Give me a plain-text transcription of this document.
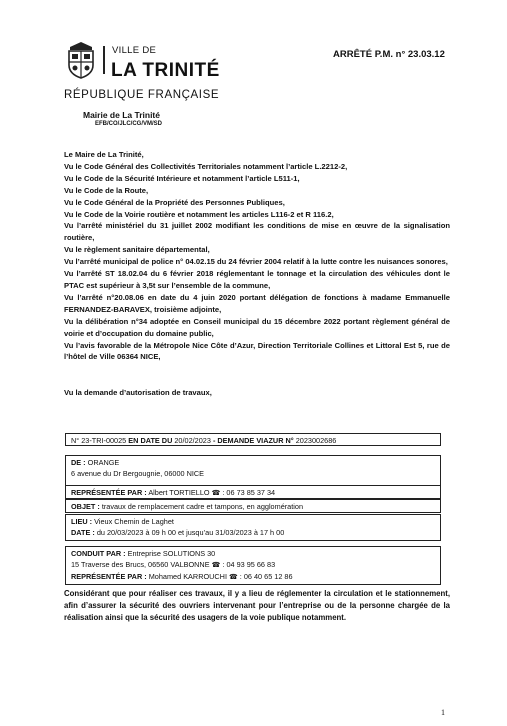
VILLE DE
LA TRINITÉ
RÉPUBLIQUE FRANÇAISE
Mairie de La Trinité
EFB/CO/JLC/CG/VM/SD
ARRÊTÉ P.M. n° 23.03.12

Le Maire de La Trinité,

Vu le Code Général des Collectivités Territoriales notamment l’article L.2212-2,

Vu le Code de la Sécurité Intérieure et notamment l’article L511-1,

Vu le Code de la Route,

Vu le Code Général de la Propriété des Personnes Publiques,

Vu le Code de la Voirie routière et notamment les articles L116-2 et R 116.2,

Vu l’arrêté ministériel du 31 juillet 2002 modifiant les conditions de mise en œuvre de la signalisation routière,

Vu le règlement sanitaire départemental,

Vu l’arrêté municipal de police n° 04.02.15 du 24 février 2004 relatif à la lutte contre les nuisances sonores,

Vu l’arrêté ST 18.02.04 du 6 février 2018 réglementant le tonnage et la circulation des véhicules dont le PTAC est supérieur à 3,5t sur l’ensemble de la commune,

Vu l’arrêté n°20.08.06 en date du 4 juin 2020 portant délégation de fonctions à madame Emmanuelle FERNANDEZ-BARAVEX, troisième adjointe,

Vu la délibération n°34 adoptée en Conseil municipal du 15 décembre 2022 portant règlement général de voirie et d’occupation du domaine public,

Vu l’avis favorable de la Métropole Nice Côte d’Azur, Direction Territoriale Collines et Littoral Est 5, rue de l’hôtel de Ville 06364 NICE,

Vu la demande d’autorisation de travaux,
N° 23-TRI-00025 EN DATE DU 20/02/2023 - DEMANDE VIAZUR N° 2023002686
DE : ORANGE
6 avenue du Dr Bergougnie, 06000 NICE
REPRÉSENTÉE PAR : Albert TORTIELLO ☎ : 06 73 85 37 34
OBJET : travaux de remplacement cadre et tampons, en agglomération
LIEU : Vieux Chemin de Laghet
DATE : du 20/03/2023 à 09 h 00 et jusqu’au 31/03/2023 à 17 h 00
CONDUIT PAR : Entreprise SOLUTIONS 30
15 Traverse des Brucs, 06560 VALBONNE ☎ : 04 93 95 66 83
REPRÉSENTÉE PAR : Mohamed KARROUCHI ☎ : 06 40 65 12 86
Considérant que pour réaliser ces travaux, il y a lieu de réglementer la circulation et le stationnement, afin d’assurer la sécurité des ouvriers intervenant pour l’entreprise ou de la personne chargée de la réalisation ainsi que la sécurité des usagers de la voie publique notamment.
1
